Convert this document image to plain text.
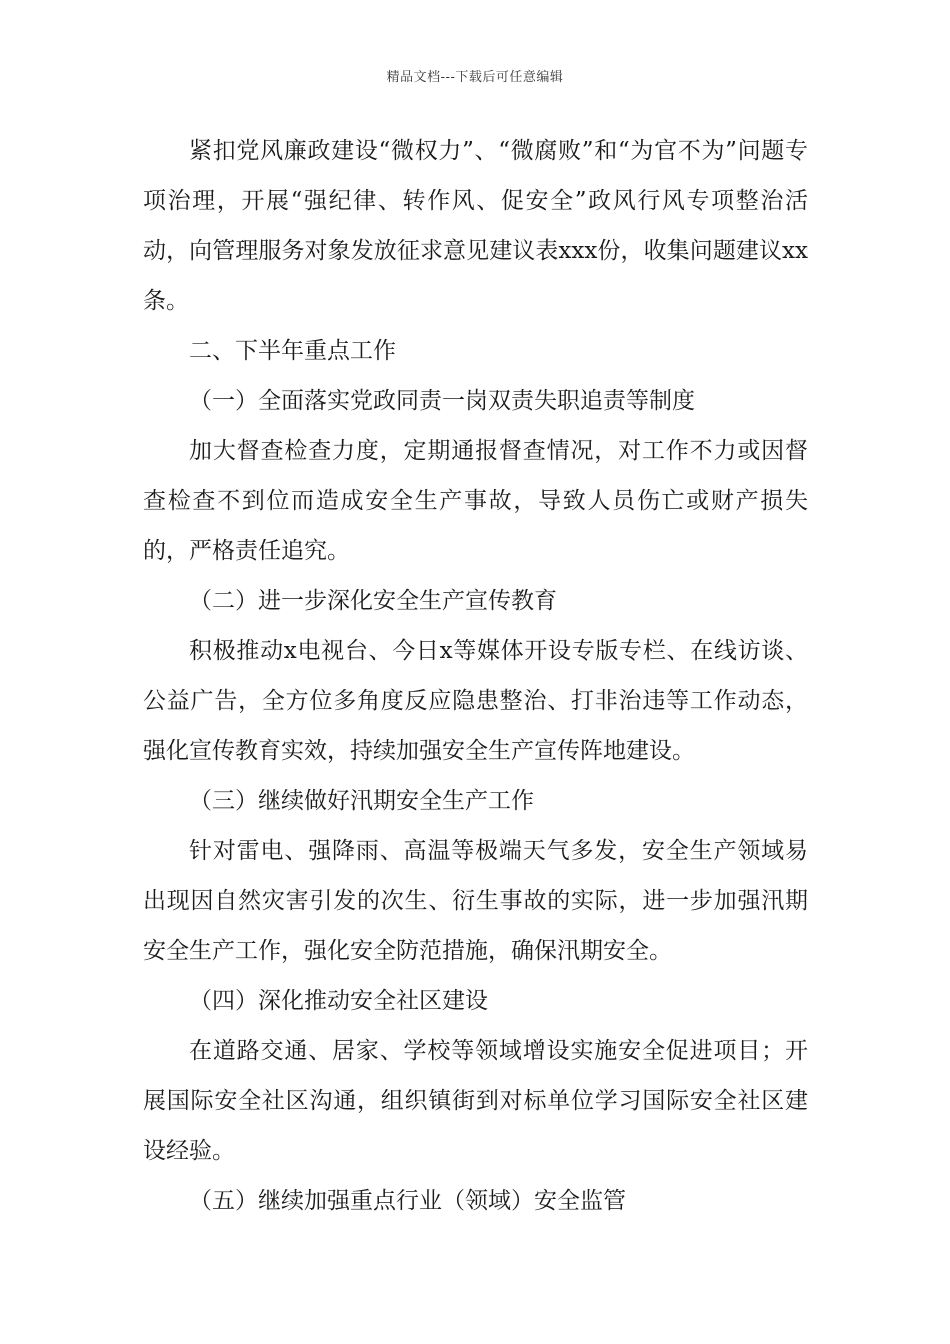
精品文档---下载后可任意编辑

紧扣党风廉政建设“微权力”、“微腐败”和“为官不为”问题专项治理，开展“强纪律、转作风、促安全”政风行风专项整治活动，向管理服务对象发放征求意见建议表xxx份，收集问题建议xx条。

二、下半年重点工作

（一）全面落实党政同责一岗双责失职追责等制度

加大督查检查力度，定期通报督查情况，对工作不力或因督查检查不到位而造成安全生产事故，导致人员伤亡或财产损失的，严格责任追究。

（二）进一步深化安全生产宣传教育

积极推动x电视台、今日x等媒体开设专版专栏、在线访谈、公益广告，全方位多角度反应隐患整治、打非治违等工作动态，强化宣传教育实效，持续加强安全生产宣传阵地建设。

（三）继续做好汛期安全生产工作

针对雷电、强降雨、高温等极端天气多发，安全生产领域易出现因自然灾害引发的次生、衍生事故的实际，进一步加强汛期安全生产工作，强化安全防范措施，确保汛期安全。

（四）深化推动安全社区建设

在道路交通、居家、学校等领域增设实施安全促进项目；开展国际安全社区沟通，组织镇街到对标单位学习国际安全社区建设经验。

（五）继续加强重点行业（领域）安全监管
